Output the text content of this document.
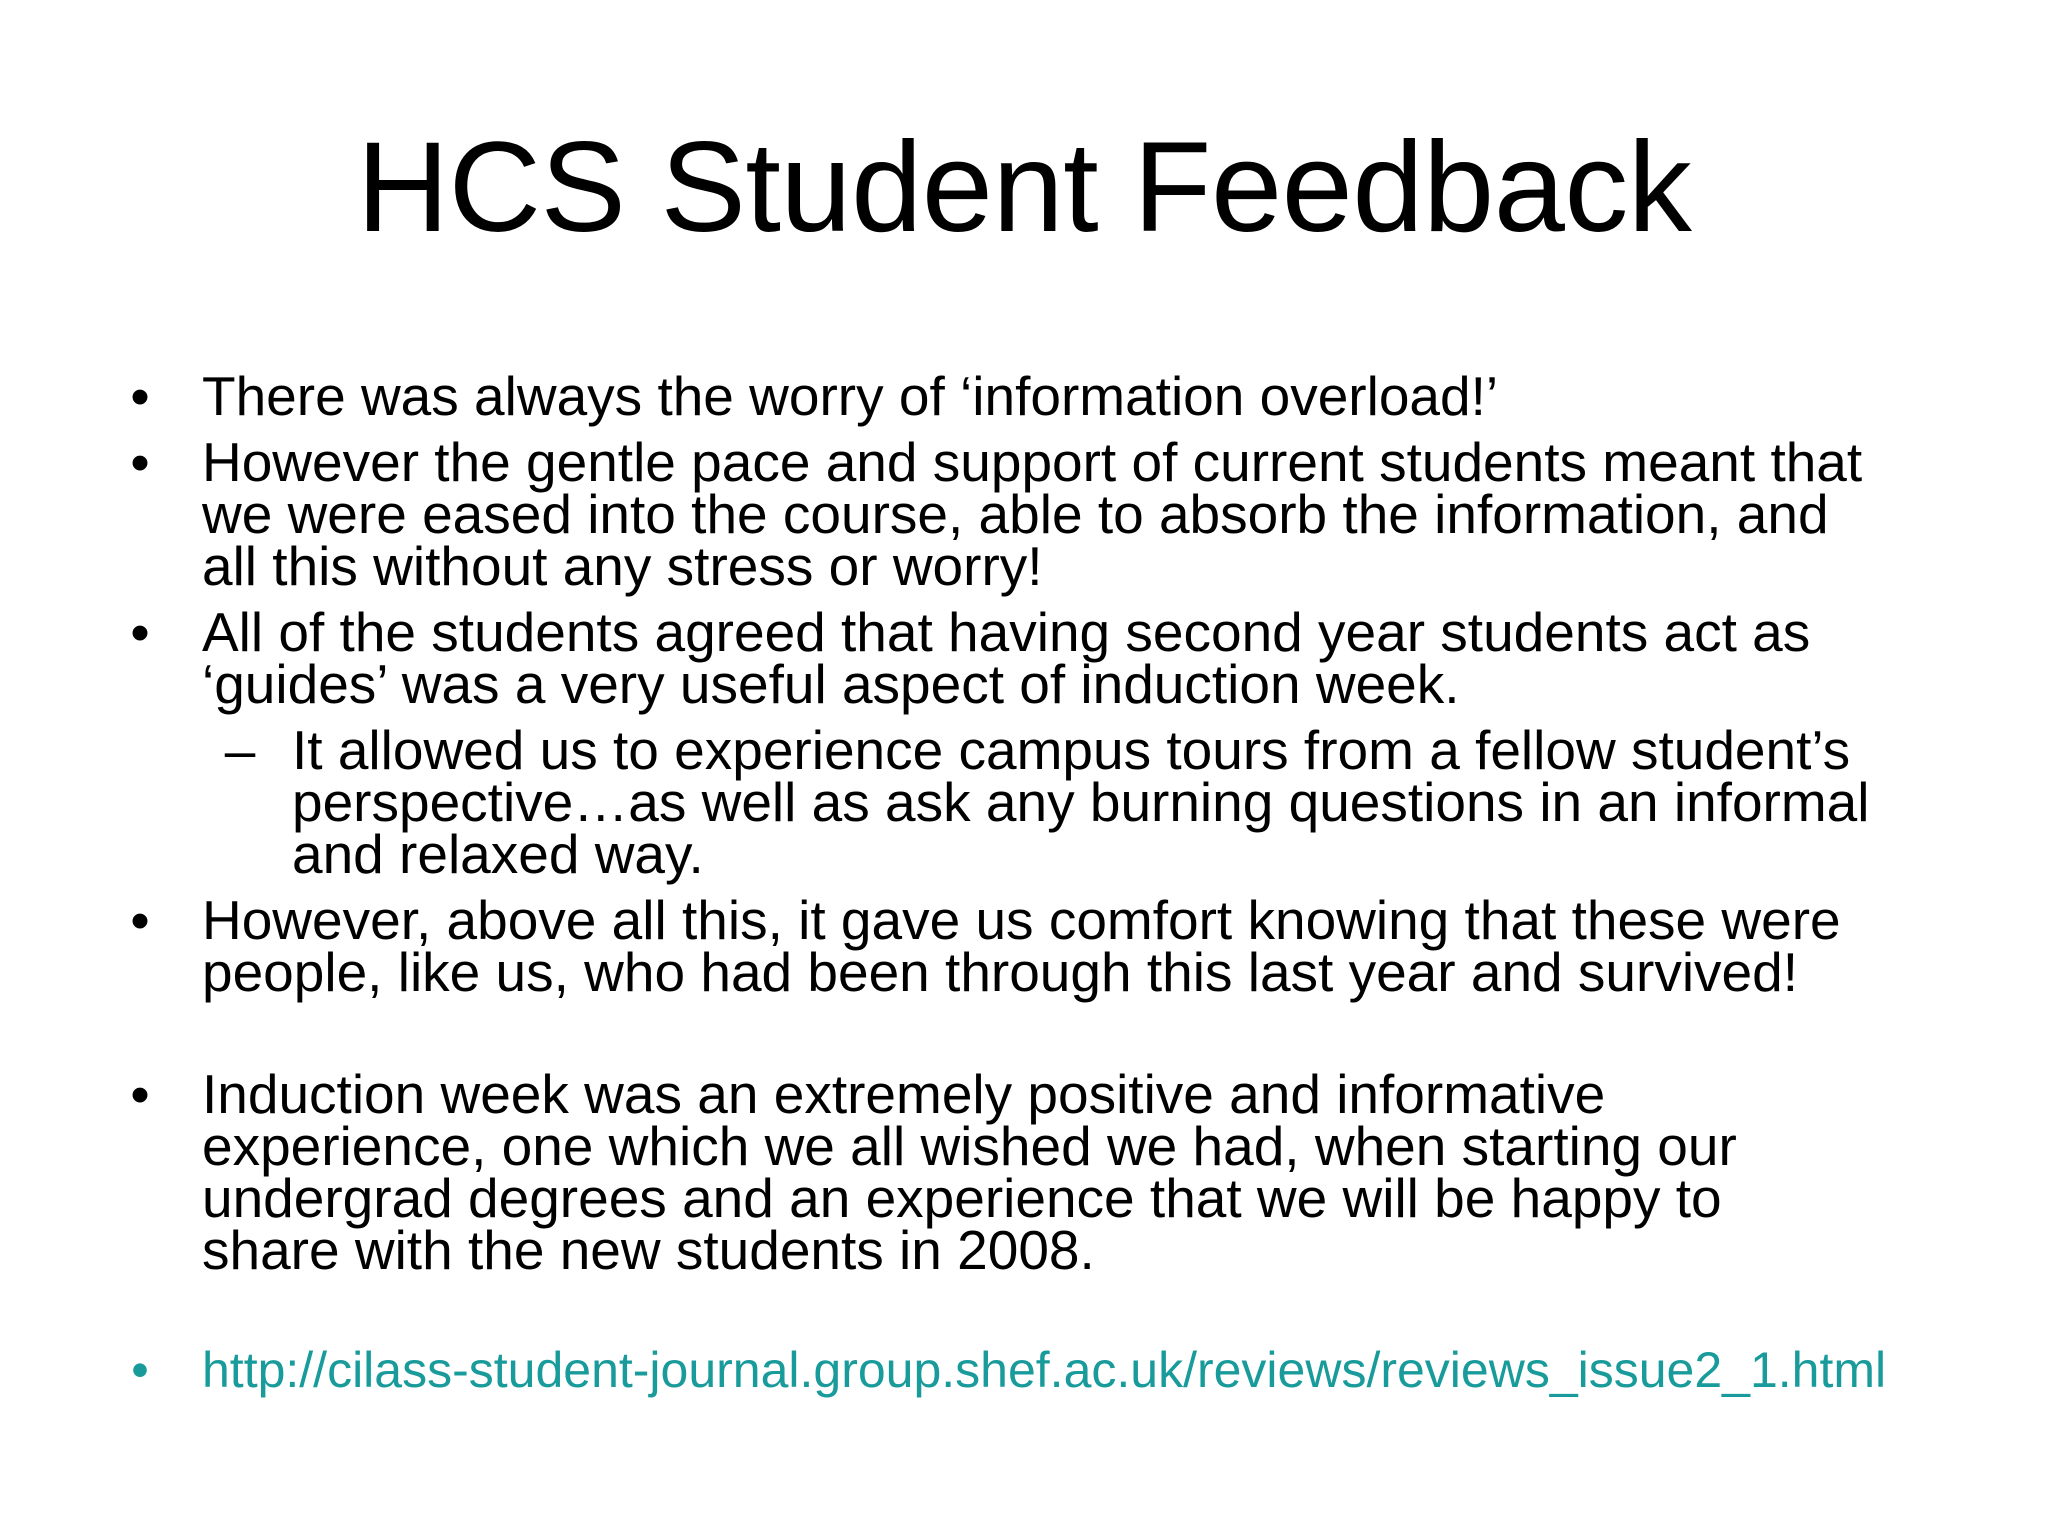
HCS Student Feedback
• There was always the worry of ‘information overload!’
• However the gentle pace and support of current students meant that
we were eased into the course, able to absorb the information, and
all this without any stress or worry!
• All of the students agreed that having second year students act as
‘guides’ was a very useful aspect of induction week.
– It allowed us to experience campus tours from a fellow student’s
perspective…as well as ask any burning questions in an informal
and relaxed way.
• However, above all this, it gave us comfort knowing that these were
people, like us, who had been through this last year and survived!
• Induction week was an extremely positive and informative
experience, one which we all wished we had, when starting our
undergrad degrees and an experience that we will be happy to
share with the new students in 2008.
•	http://cilass-student-journal.group.shef.ac.uk/reviews/reviews_issue2_1.html
